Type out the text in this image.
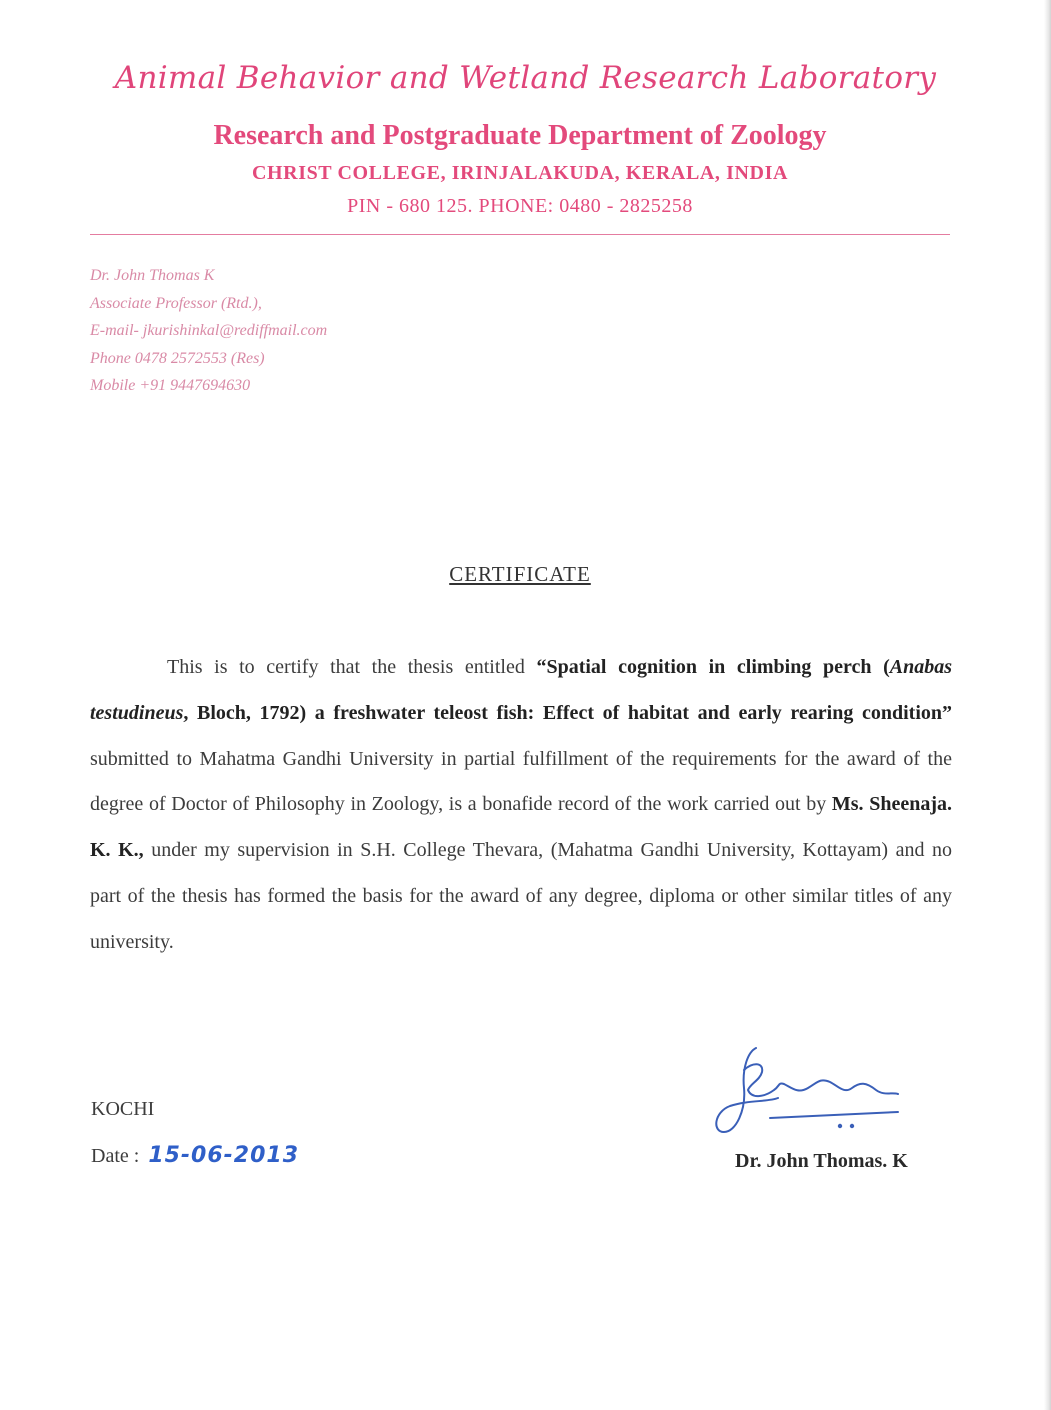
Animal Behavior and Wetland Research Laboratory
Research and Postgraduate Department of Zoology
CHRIST COLLEGE, IRINJALAKUDA, KERALA, INDIA
PIN - 680 125. PHONE: 0480 - 2825258
Dr. John Thomas K
Associate Professor (Rtd.),
E-mail- jkurishinkal@rediffmail.com
Phone 0478 2572553 (Res)
Mobile +91 9447694630
CERTIFICATE
This is to certify that the thesis entitled “Spatial cognition in climbing perch (Anabas testudineus, Bloch, 1792) a freshwater teleost fish: Effect of habitat and early rearing condition” submitted to Mahatma Gandhi University in partial fulfillment of the requirements for the award of the degree of Doctor of Philosophy in Zoology, is a bonafide record of the work carried out by Ms. Sheenaja. K. K., under my supervision in S.H. College Thevara, (Mahatma Gandhi University, Kottayam) and no part of the thesis has formed the basis for the award of any degree, diploma or other similar titles of any university.
KOCHI
Date : 15-06-2013	Dr. John Thomas. K
